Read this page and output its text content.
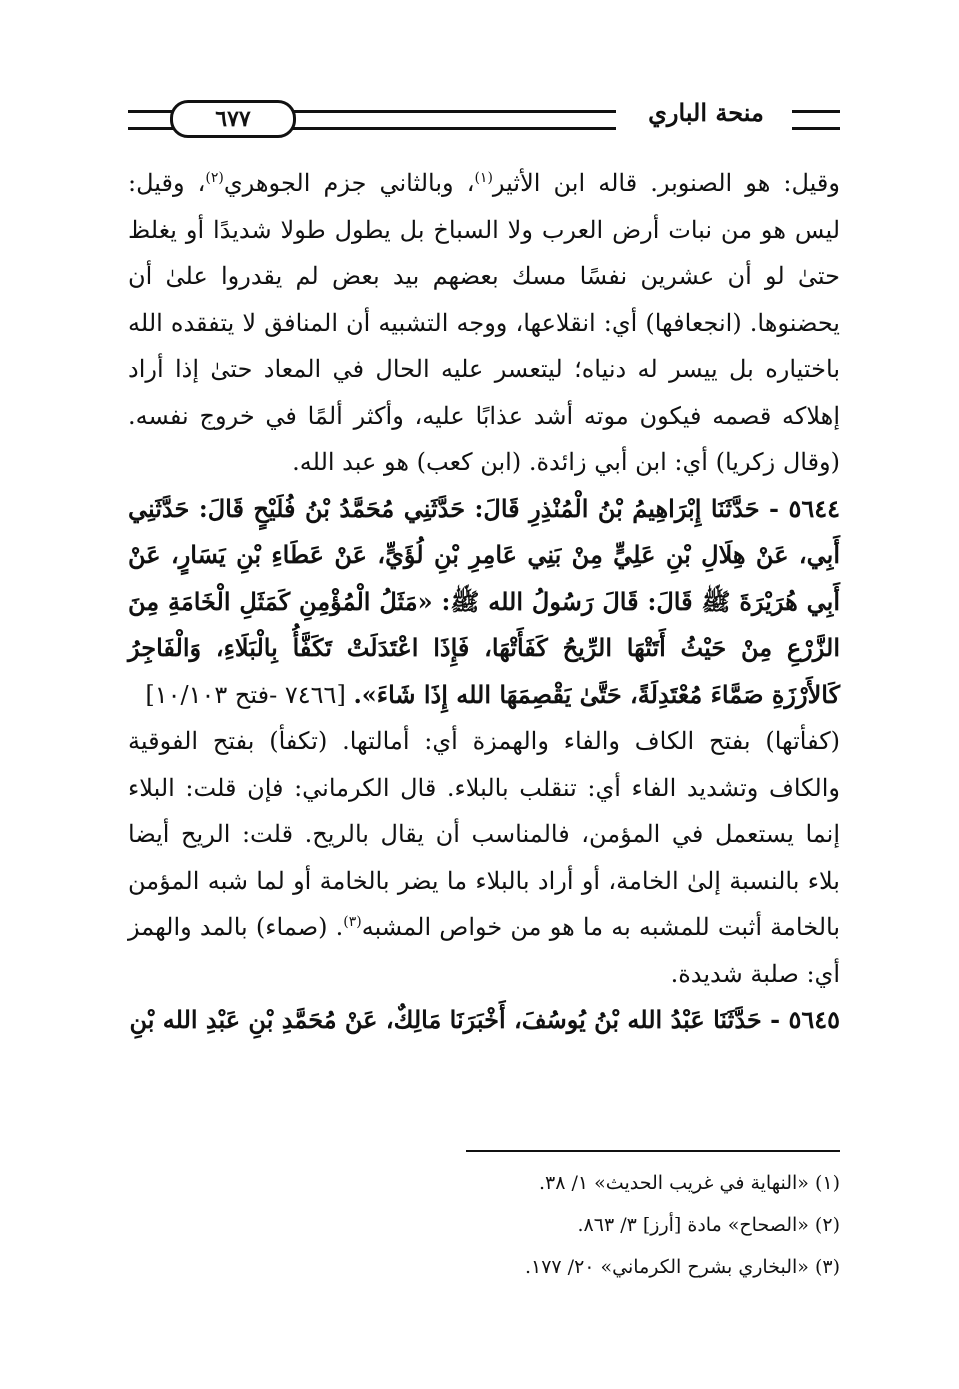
٦٧٧	منحة الباري

وقيل: هو الصنوبر. قاله ابن الأثير$^{(١)}$، وبالثاني جزم الجوهري$^{(٢)}$، وقيل: ليس هو من نبات أرض العرب ولا السباخ بل يطول طولا شديدًا أو يغلظ حتىٰ لو أن عشرين نفسًا مسك بعضهم بيد بعض لم يقدروا علىٰ أن يحضنوها. (انجعافها) أي: انقلاعها، ووجه التشبيه أن المنافق لا يتفقده الله باختياره بل ييسر له دنياه؛ ليتعسر عليه الحال في المعاد حتىٰ إذا أراد إهلاكه قصمه فيكون موته أشد عذابًا عليه، وأكثر ألمًا في خروج نفسه. (وقال زكريا) أي: ابن أبي زائدة. (ابن كعب) هو عبد الله.

٥٦٤٤ - حَدَّثَنَا إِبْرَاهِيمُ بْنُ الْمُنْذِرِ قَالَ: حَدَّثَنِي مُحَمَّدُ بْنُ فُلَيْحٍ قَالَ: حَدَّثَنِي أَبِي، عَنْ هِلَالِ بْنِ عَلِيٍّ مِنْ بَنِي عَامِرِ بْنِ لُؤَيٍّ، عَنْ عَطَاءِ بْنِ يَسَارٍ، عَنْ أَبِي هُرَيْرَةَ ﷺ قَالَ: قَالَ رَسُولُ الله ﷺ: «مَثَلُ الْمُؤْمِنِ كَمَثَلِ الْخَامَةِ مِنَ الزَّرْعِ مِنْ حَيْثُ أَتَتْهَا الرِّيحُ كَفَأَتْهَا، فَإِذَا اعْتَدَلَتْ تَكَفَّأُ بِالْبَلَاءِ، وَالْفَاجِرُ كَالأَرْزَةِ صَمَّاءَ مُعْتَدِلَةً، حَتَّىٰ يَقْصِمَهَا الله إِذَا شَاءَ». [٧٤٦٦ -فتح ١٠/١٠٣]

(كفأتها) بفتح الكاف والفاء والهمزة أي: أمالتها. (تكفأ) بفتح الفوقية والكاف وتشديد الفاء أي: تنقلب بالبلاء. قال الكرماني: فإن قلت: البلاء إنما يستعمل في المؤمن، فالمناسب أن يقال بالريح. قلت: الريح أيضا بلاء بالنسبة إلىٰ الخامة، أو أراد بالبلاء ما يضر بالخامة أو لما شبه المؤمن بالخامة أثبت للمشبه به ما هو من خواص المشبه$^{(٣)}$. (صماء) بالمد والهمز أي: صلبة شديدة.

٥٦٤٥ - حَدَّثَنَا عَبْدُ الله بْنُ يُوسُفَ، أَخْبَرَنَا مَالِكٌ، عَنْ مُحَمَّدِ بْنِ عَبْدِ الله بْنِ

(١) «النهاية في غريب الحديث» ١/ ٣٨.
(٢) «الصحاح» مادة [أرز] ٣/ ٨٦٣.
(٣) «البخاري بشرح الكرماني» ٢٠/ ١٧٧.
